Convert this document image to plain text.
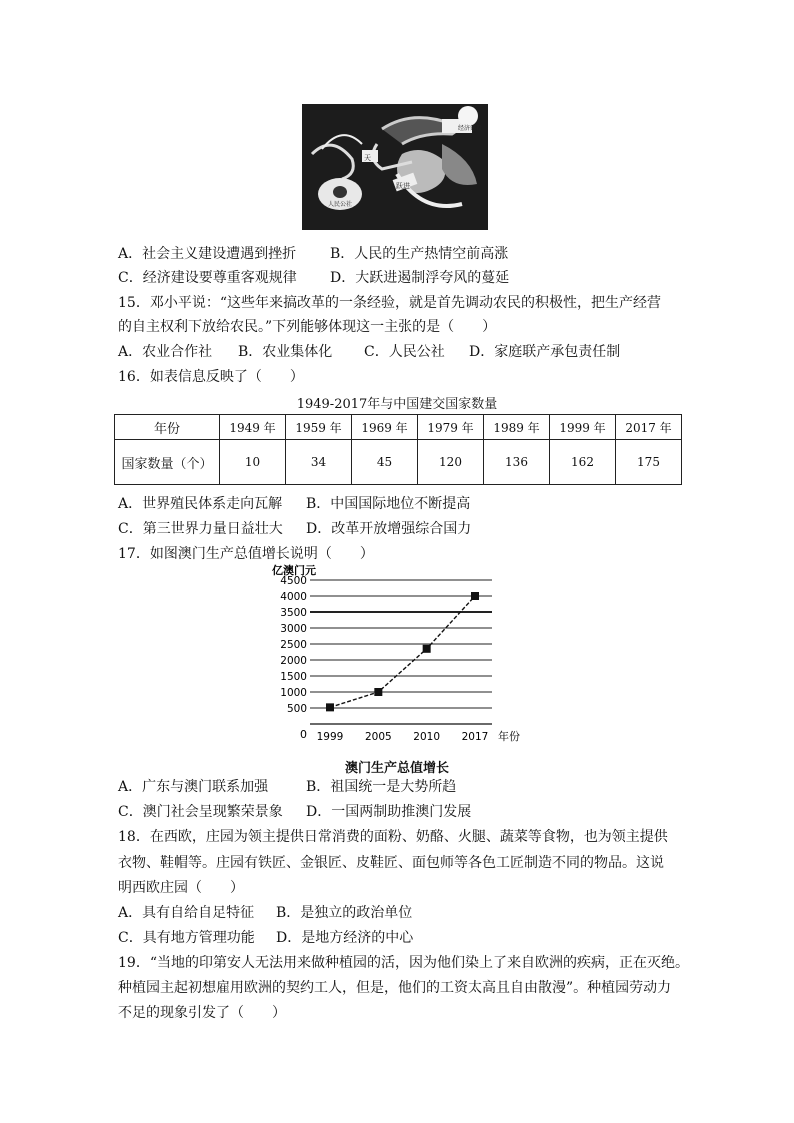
经济建设
天
人民公社
跃进
A．社会主义建设遭遇到挫折 B．人民的生产热情空前高涨
C．经济建设要尊重客观规律 D．大跃进遏制浮夸风的蔓延
15．邓小平说：“这些年来搞改革的一条经验，就是首先调动农民的积极性，把生产经营
的自主权利下放给农民。”下列能够体现这一主张的是（　　）
A．农业合作社 B．农业集体化 C．人民公社 D．家庭联产承包责任制
16．如表信息反映了（　　）
1949-2017年与中国建交国家数量
年份	1949 年	1959 年	1969 年	1979 年	1989 年	1999 年	2017 年
国家数量（个）	10	34	45	120	136	162	175
A．世界殖民体系走向瓦解 B．中国国际地位不断提高
C．第三世界力量日益壮大 D．改革开放增强综合国力
17．如图澳门生产总值增长说明（　　）
500
1000
1500
2000
2500
3000
3500
4000
4500
1999 2005 2010 2017
亿澳门元
年份
0
澳门生产总值增长
A．广东与澳门联系加强	B．祖国统一是大势所趋
C．澳门社会呈现繁荣景象 D．一国两制助推澳门发展
18．在西欧，庄园为领主提供日常消费的面粉、奶酪、火腿、蔬菜等食物，也为领主提供
衣物、鞋帽等。庄园有铁匠、金银匠、皮鞋匠、面包师等各色工匠制造不同的物品。这说
明西欧庄园（　　）
A．具有自给自足特征 B．是独立的政治单位
C．具有地方管理功能 D．是地方经济的中心
19．“当地的印第安人无法用来做种植园的活，因为他们染上了来自欧洲的疾病，正在灭绝。
种植园主起初想雇用欧洲的契约工人，但是，他们的工资太高且自由散漫”。种植园劳动力
不足的现象引发了（　　）
